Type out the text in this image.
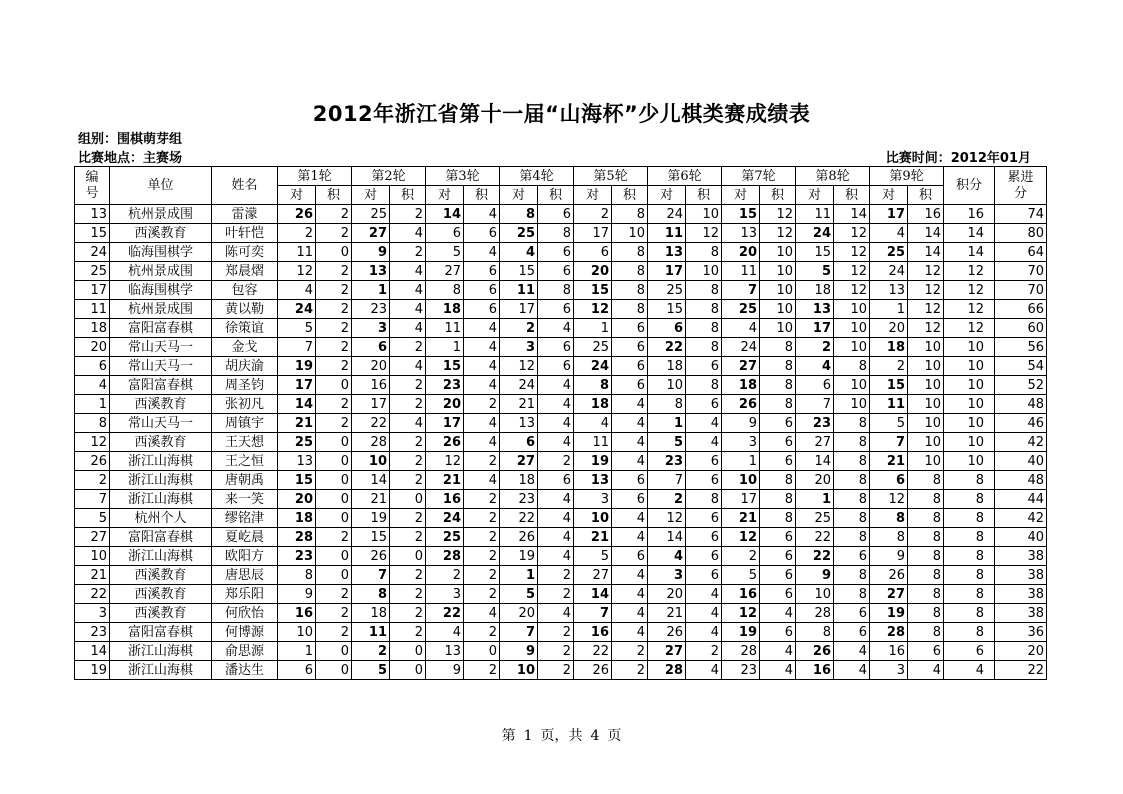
2012年浙江省第十一届“山海杯”少儿棋类赛成绩表
组别：围棋萌芽组
比赛地点：主赛场	比赛时间：2012年01月
编号	单位	姓名	第1轮		第2轮		第3轮		第4轮		第5轮		第6轮		第7轮		第8轮		第9轮		积分	累进分
			对	积	对	积	对	积	对	积	对	积	对	积	对	积	对	积	对	积		
13	杭州景成围	雷濛	26	2	25	2	14	4	8	6	2	8	24	10	15	12	11	14	17	16	16	74
15	西溪教育	叶轩恺	2	2	27	4	6	6	25	8	17	10	11	12	13	12	24	12	4	14	14	80
24	临海围棋学	陈可奕	11	0	9	2	5	4	4	6	6	8	13	8	20	10	15	12	25	14	14	64
25	杭州景成围	郑晨熠	12	2	13	4	27	6	15	6	20	8	17	10	11	10	5	12	24	12	12	70
17	临海围棋学	包容	4	2	1	4	8	6	11	8	15	8	25	8	7	10	18	12	13	12	12	70
11	杭州景成围	黄以勒	24	2	23	4	18	6	17	6	12	8	15	8	25	10	13	10	1	12	12	66
18	富阳富春棋	徐策谊	5	2	3	4	11	4	2	4	1	6	6	8	4	10	17	10	20	12	12	60
20	常山天马一	金戈	7	2	6	2	1	4	3	6	25	6	22	8	24	8	2	10	18	10	10	56
6	常山天马一	胡庆渝	19	2	20	4	15	4	12	6	24	6	18	6	27	8	4	8	2	10	10	54
4	富阳富春棋	周圣钧	17	0	16	2	23	4	24	4	8	6	10	8	18	8	6	10	15	10	10	52
1	西溪教育	张初凡	14	2	17	2	20	2	21	4	18	4	8	6	26	8	7	10	11	10	10	48
8	常山天马一	周镇宇	21	2	22	4	17	4	13	4	4	4	1	4	9	6	23	8	5	10	10	46
12	西溪教育	王天想	25	0	28	2	26	4	6	4	11	4	5	4	3	6	27	8	7	10	10	42
26	浙江山海棋	王之恒	13	0	10	2	12	2	27	2	19	4	23	6	1	6	14	8	21	10	10	40
2	浙江山海棋	唐朝禹	15	0	14	2	21	4	18	6	13	6	7	6	10	8	20	8	6	8	8	48
7	浙江山海棋	来一笑	20	0	21	0	16	2	23	4	3	6	2	8	17	8	1	8	12	8	8	44
5	杭州个人	缪铭津	18	0	19	2	24	2	22	4	10	4	12	6	21	8	25	8	8	8	8	42
27	富阳富春棋	夏屹晨	28	2	15	2	25	2	26	4	21	4	14	6	12	6	22	8	8	8	8	40
10	浙江山海棋	欧阳方	23	0	26	0	28	2	19	4	5	6	4	6	2	6	22	6	9	8	8	38
21	西溪教育	唐思辰	8	0	7	2	2	2	1	2	27	4	3	6	5	6	9	8	26	8	8	38
22	西溪教育	郑乐阳	9	2	8	2	3	2	5	2	14	4	20	4	16	6	10	8	27	8	8	38
3	西溪教育	何欣怡	16	2	18	2	22	4	20	4	7	4	21	4	12	4	28	6	19	8	8	38
23	富阳富春棋	何博源	10	2	11	2	4	2	7	2	16	4	26	4	19	6	8	6	28	8	8	36
14	浙江山海棋	俞思源	1	0	2	0	13	0	9	2	22	2	27	2	28	4	26	4	16	6	6	20
19	浙江山海棋	潘达生	6	0	5	0	9	2	10	2	26	2	28	4	23	4	16	4	3	4	4	22
第 1 页，共 4 页
